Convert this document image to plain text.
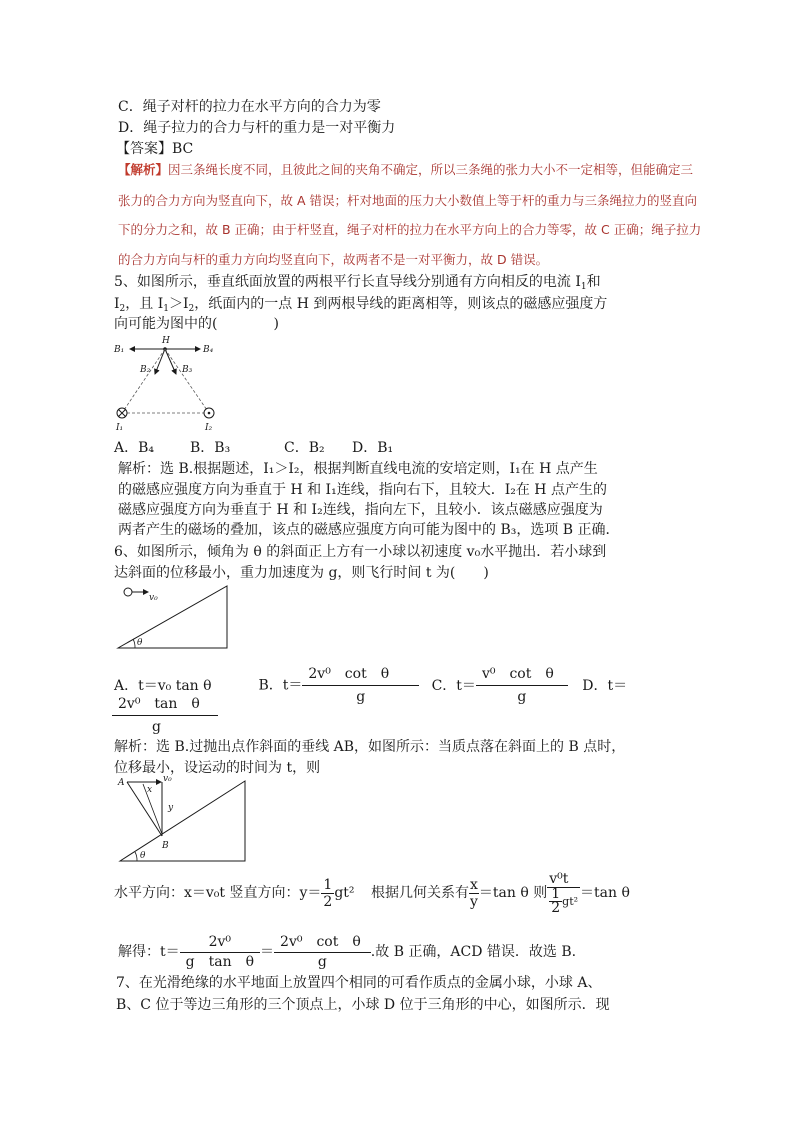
C．绳子对杆的拉力在水平方向的合力为零
D．绳子拉力的合力与杆的重力是一对平衡力
【答案】BC
【解析】因三条绳长度不同，且彼此之间的夹角不确定，所以三条绳的张力大小不一定相等，但能确定三
张力的合力方向为竖直向下，故 A 错误；杆对地面的压力大小数值上等于杆的重力与三条绳拉力的竖直向
下的分力之和，故 B 正确；由于杆竖直，绳子对杆的拉力在水平方向上的合力等零，故 C 正确；绳子拉力
的合力方向与杆的重力方向均竖直向下，故两者不是一对平衡力，故 D 错误。
5、如图所示，垂直纸面放置的两根平行长直导线分别通有方向相反的电流 $I_1$和
$I_2$，且 $I_1>I_2$，纸面内的一点 H 到两根导线的距离相等，则该点的磁感应强度方
向可能为图中的(　　　　)
H
B₁	B₄
B₂	B₃
I₁	I₂
A．B₄	B．B₃	C．B₂ D．B₁
解析：选 B.根据题述，I₁＞I₂，根据判断直线电流的安培定则，I₁在 H 点产生
的磁感应强度方向为垂直于 H 和 I₁连线，指向右下，且较大．I₂在 H 点产生的
磁感应强度方向为垂直于 H 和 I₂连线，指向左下，且较小．该点磁感应强度为
两者产生的磁场的叠加，该点的磁感应强度方向可能为图中的 B₃，选项 B 正确．
6、如图所示，倾角为 θ 的斜面正上方有一小球以初速度 v₀水平抛出．若小球到
达斜面的位移最小，重力加速度为 g，则飞行时间 t 为(　　)
v₀
θ
A．t＝v₀ tan θ	B．$t= \frac{\text{2v⁰　cot　θ}}{g}$ C．$t= \frac{\text{v⁰　cot　θ}}{g}$ D．t＝
$\frac{\text{2v⁰　tan　θ}}{g}$
解析：选 B.过抛出点作斜面的垂线 AB，如图所示：当质点落在斜面上的 B 点时，
位移最小，设运动的时间为 t，则
A	v₀
x
y
B
θ
水平方向：x＝v₀t 竖直方向：$y= \frac{1}{2} gt^2$ 根据几何关系有 $\frac{x}{y} =\tan$ θ 则 $\frac{\text{v⁰t}}{\frac{1}{2} gt^2} =\tan$ θ
解得：$t= \frac{\text{2v⁰}}{\text{g　tan　θ}} = \frac{\text{2v⁰　cot　θ}}{g}$ .故 B 正确，ACD 错误．故选 B.
7、在光滑绝缘的水平地面上放置四个相同的可看作质点的金属小球，小球 A、
B、C 位于等边三角形的三个顶点上，小球 D 位于三角形的中心，如图所示．现
